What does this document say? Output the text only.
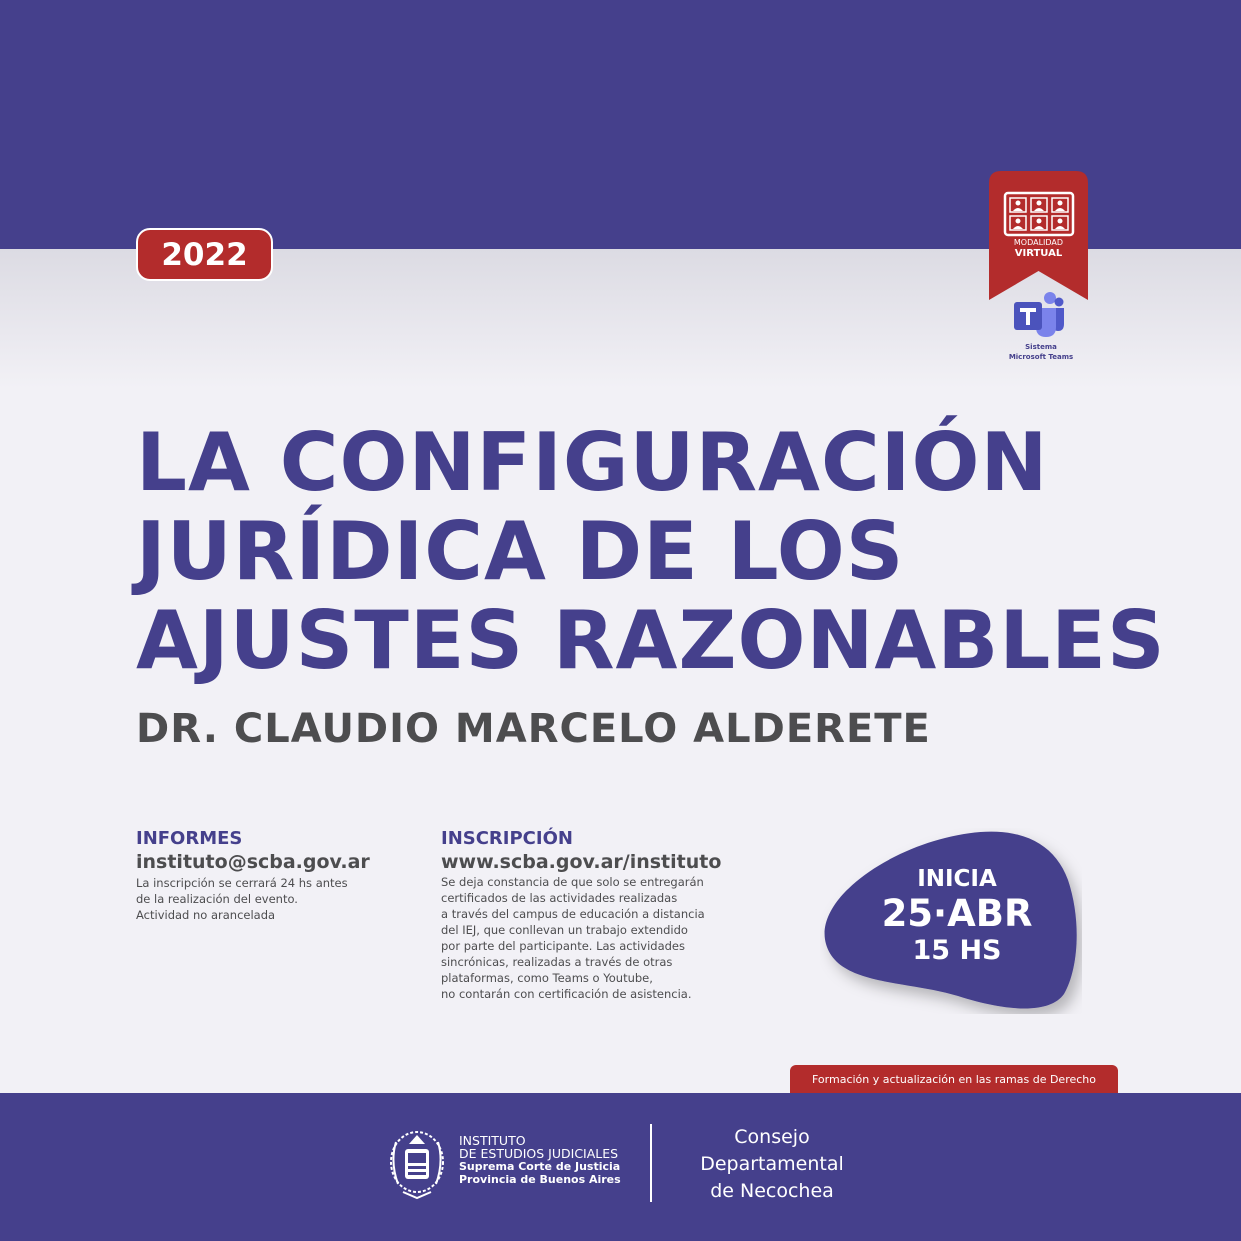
2022	MODALIDAD
VIRTUAL
Sistema
Microsoft Teams
LA CONFIGURACIÓN
JURÍDICA DE LOS
AJUSTES RAZONABLES
DR. CLAUDIO MARCELO ALDERETE
INFORMES
instituto@scba.gov.ar
La inscripción se cerrará 24 hs antes
de la realización del evento.
Actividad no arancelada
INSCRIPCIÓN
www.scba.gov.ar/instituto
Se deja constancia de que solo se entregarán
certificados de las actividades realizadas
a través del campus de educación a distancia
del IEJ, que conllevan un trabajo extendido
por parte del participante. Las actividades
sincrónicas, realizadas a través de otras
plataformas, como Teams o Youtube,
no contarán con certificación de asistencia.
INICIA
25·ABR
15 HS
Formación y actualización en las ramas de Derecho
INSTITUTO
DE ESTUDIOS JUDICIALES
Suprema Corte de Justicia
Provincia de Buenos Aires
Consejo
Departamental
de Necochea
